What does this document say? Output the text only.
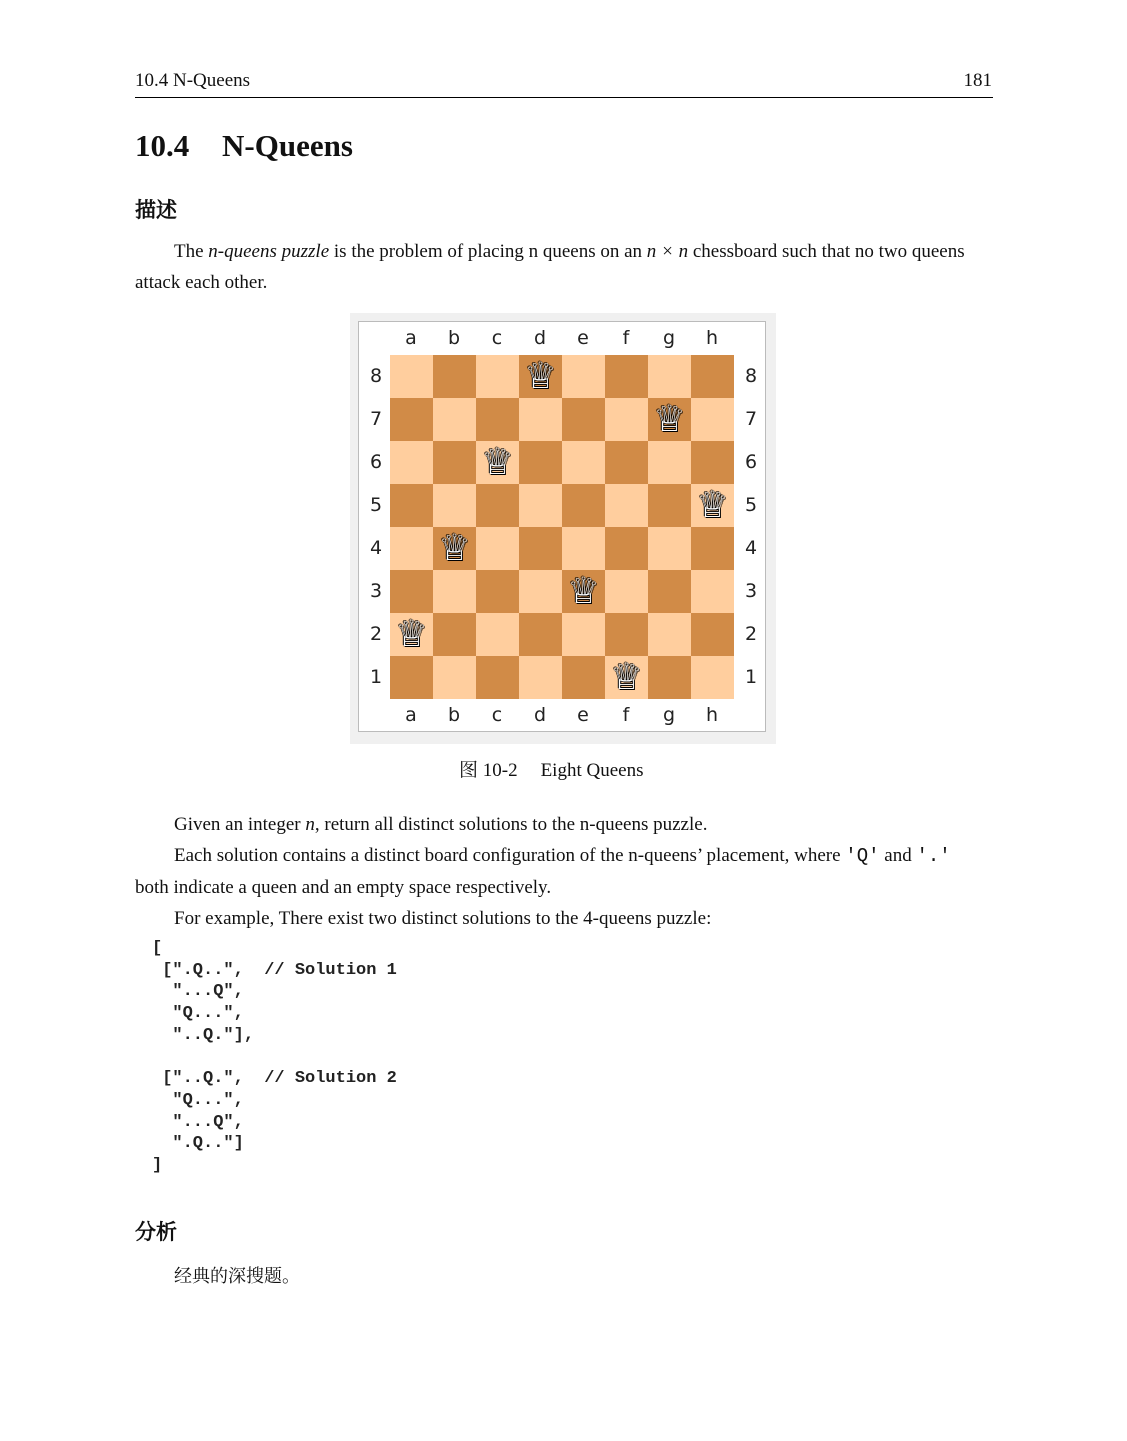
10.4 N-Queens	181
10.4 N-Queens
描述
The n-queens puzzle is the problem of placing n queens on an n × n chessboard such that no two queens
attack each other.
a
a
b
b
c
c
d
d
e
e
f
f
g
g
h
h
8	8
7	7
6	6
5	5
4	4
3	3
2	2
1	1
♕
♕
♕
♕
♕
♕
♕
♕
图 10-2 Eight Queens
Given an integer n, return all distinct solutions to the n-queens puzzle.
Each solution contains a distinct board configuration of the n-queens’ placement, where 'Q' and '.'
both indicate a queen and an empty space respectively.
For example, There exist two distinct solutions to the 4-queens puzzle:
[
[".Q..",  // Solution 1
"...Q",
"Q...",
"..Q."],

["..Q.",  // Solution 2
"Q...",
"...Q",
".Q.."]
]
分析
经典的深搜题。
